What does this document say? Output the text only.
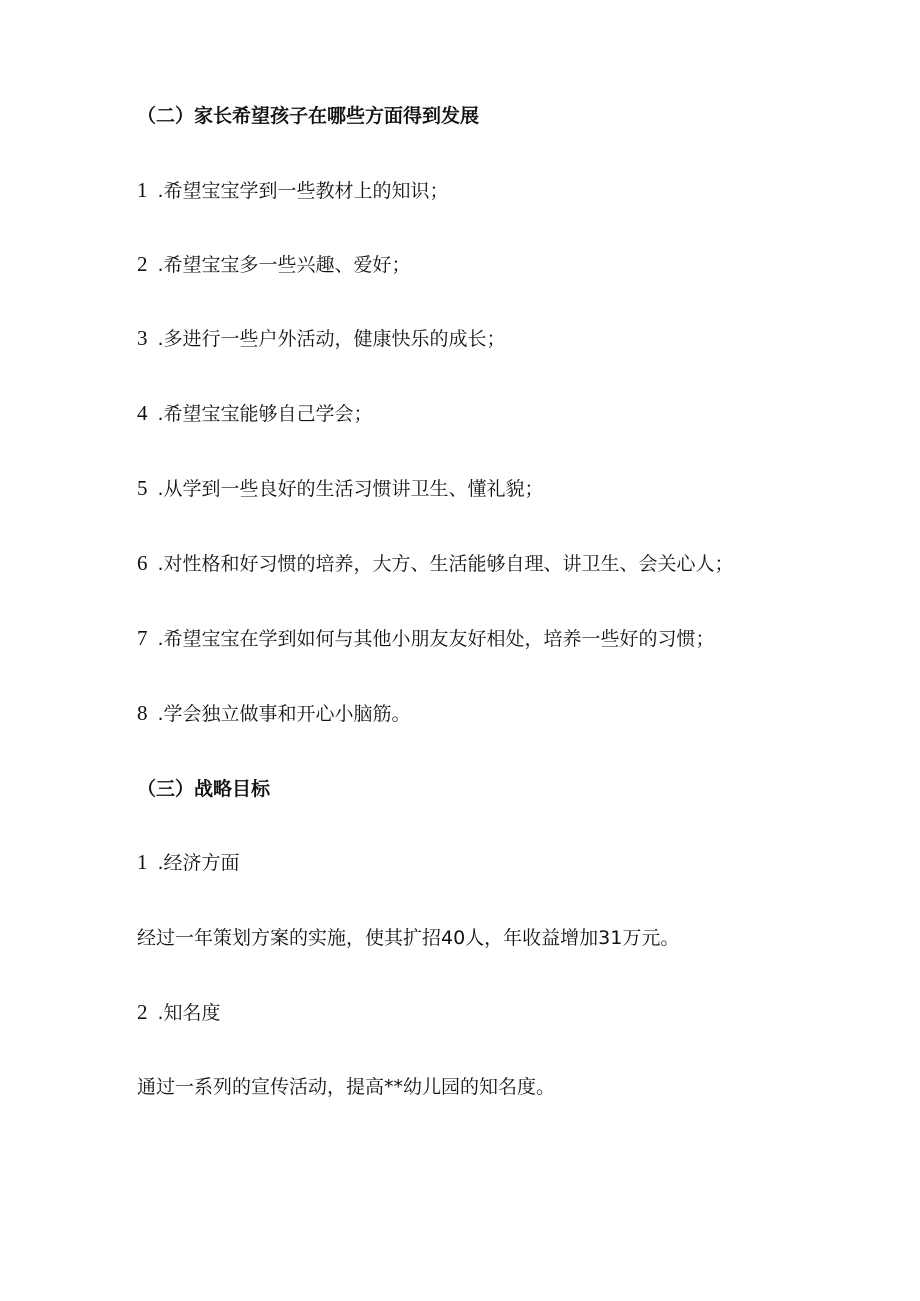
（二）家长希望孩子在哪些方面得到发展
1 .希望宝宝学到一些教材上的知识；
2 .希望宝宝多一些兴趣、爱好；
3 .多进行一些户外活动，健康快乐的成长；
4 .希望宝宝能够自己学会；
5 .从学到一些良好的生活习惯讲卫生、懂礼貌；
6 .对性格和好习惯的培养，大方、生活能够自理、讲卫生、会关心人；
7 .希望宝宝在学到如何与其他小朋友友好相处，培养一些好的习惯；
8 .学会独立做事和开心小脑筋。
（三）战略目标
1 .经济方面
经过一年策划方案的实施，使其扩招40人，年收益增加31万元。
2 .知名度
通过一系列的宣传活动，提高**幼儿园的知名度。
